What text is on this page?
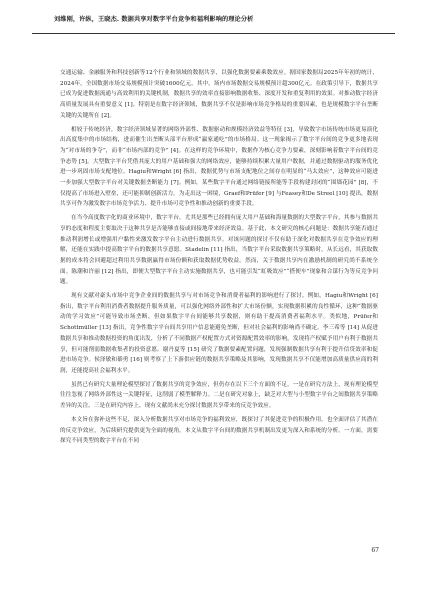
刘维刚，许纵，王晓杰. 数据共享对数字平台竞争和福利影响的理论分析

交通运输、金融服务和科技创新等12个行业和领域的数据共享，以强化数据要素乘数效应。据国家数据局2025年年初的统计，2024年，全国数据市场交易规模预计突破1600亿元，其中，场内市场数据交易规模预计超300亿元。在政策引导下，数据共享已成为促进数据流通与高效利用的关键机制，数据共享的效率直接影响数据收集、深度开发和重复利用的效果。对推动数字经济高质量发展具有重要意义 [1]。特别是在数字经济领域，数据共享不仅是影响市场竞争格局的重要因素，也是规模数字平台垄断关键的关键所在 [2]。

相较于传统经济，数字经济领域显著的网络外部性、数据驱动和规模经济效益等特征 [3]，导致数字市场传统市场更易演化出高度集中的市场结构，进而催生出垄断头部平台形成“赢家通吃”的市场格局。这一现象揭示了数字平台间的竞争更多地表现为“对市场的争夺”，而非“市场内部的竞争” [4]。在这样的竞争环境中，数据作为核心竞争力要素，深刻影响着数字平台间的竞争态势 [5]。大型数字平台凭借其庞大的用户基础和强大的网络效应，能够持续积累大量用户数据，并通过数据驱动的服务优化进一步巩固市场支配地位。Hagiu和Wright [6] 指出，数据优势与市场支配地位之间存在明显的“马太效应”，这种效应可能进一步加强大型数字平台对关键数据垄断能力 [7]。例如，某些数字平台通过网络链接所能等手段构建封闭的“围墙花园” [8]，不仅提高了市场进入壁垒，还可能抑制创新活力。为走出这一困境，Graef和Prüfer [9] 与Feasey和De Streel [10] 提出，数据共享可作为激发数字市场竞争活力、提升市场可竞争性和推动创新的重要手段。

在当今高度数字化的商业环境中，数字平台，尤其是那些已经拥有庞大用户基础和海量数据的大型数字平台，其参与数据共享的态度和程度主要取决于这种共享是否能够直接或间接地带来经济效益。基于此，本文研究的核心问题是：数据共享能否通过推动利润增长或增强用户黏性来激发数字平台主动进行数据共享。对该问题的探讨不仅有助于深化对数据共享在竞争效应的理解，还能在实践中提高数字平台的数据共享意愿。Stadelin [11] 指出，当数字平台采取数据共享策略时，从长远看，其获取数据的成本将会回避超过利用共享数据赢得市场份额和获取数据优势收益。然而，关于数据共享内在激励机制的研究尚不系统全面。陈潮和许丽 [12] 指出，即便大型数字平台主动实施数据共享，也可能引发“虹吸效应”“搭便车”现象和合谋行为等反竞争问题。

现有文献对豪头市场中竞争企业间的数据共享与对市场竞争和消费者福利的影响进行了探讨。例如，Hagiu和Wright [6] 指出，数字平台利用消费者数据提升服务质量，可以强化网络外部性和扩大市场份额，实现数据积累的良性循环，这种“数据驱动的学习效应”可能导致市场垄断，但如果数字平台间能够共享数据，则有助于提高消费者福利水平。类似地，Prüfer和Schottmüller [13] 指出，竞争性数字平台间共享用户信息能避免垄断，但对社会福利的影响尚不确定。李三希等 [14] 从促进数据共享和推动数据投资的角度出发，分析了不同数据产权配置方式对资源配置效率的影响，发现将产权赋予用户有利于数据共享，但可能削弱数据收集者的投资意愿。谢丹夏等 [15] 研究了数据要素配置问题，发现强制数据共享有利于提升信贷效率和促进市场竞争。侯泽敏和綦勇 [16] 则考察了上下游供应链的数据共享策略及其影响，发现数据共享不仅能增加高质量供应商的利润，还能提高社会福利水平。

虽然已有研究大量理论模型探讨了数据共享的竞争效应，但仍存在以下三个方面的不足。一是在研究方法上，现有理论模型往往忽视了网络外部性这一关键特征，这削弱了模型解释力。二是在研究对象上，缺乏对大型与小型数字平台之间数据共享策略差异的关注。三是在研究内容上，现有文献尚未充分探讨数据共享带来的反竞争效应。

本文旨在弥补这些不足，深入分析数据共享对市场竞争的福利效应，既探讨了其促进竞争的积极作用，也全面评估了其潜在的反竞争效应，为后续研究提供更为全面的视角。本文从数字平台间的数据共享机制出发更为深入和系统的分析。一方面，需要探究不同类型的数字平台在不同

67
